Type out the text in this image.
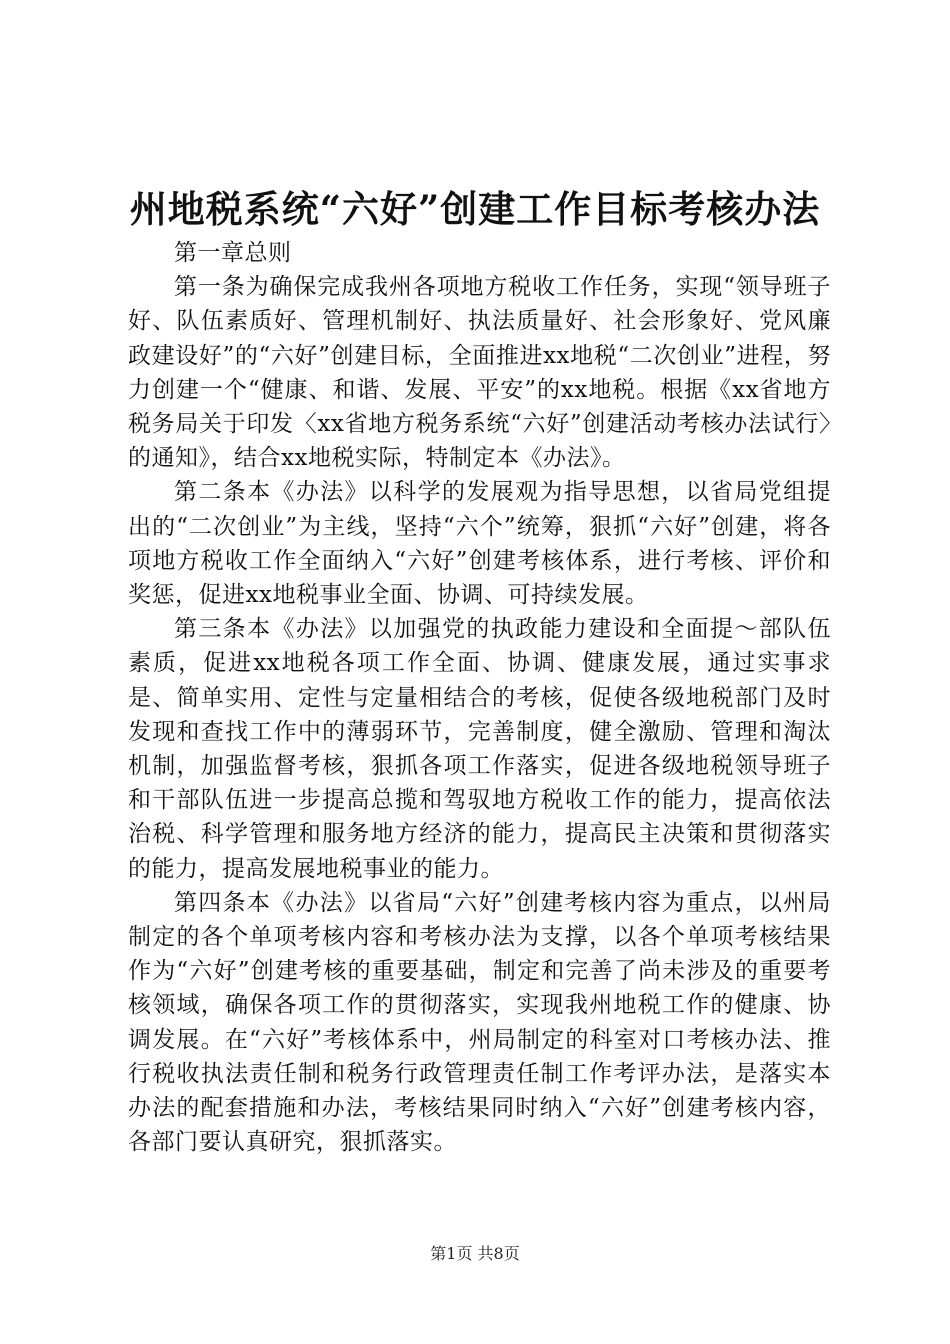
州地税系统“六好”创建工作目标考核办法

第一章总则

第一条为确保完成我州各项地方税收工作任务，实现“领导班子好、队伍素质好、管理机制好、执法质量好、社会形象好、党风廉政建设好”的“六好”创建目标，全面推进xx地税“二次创业”进程，努力创建一个“健康、和谐、发展、平安”的xx地税。根据《xx省地方税务局关于印发〈xx省地方税务系统“六好”创建活动考核办法试行〉的通知》，结合xx地税实际，特制定本《办法》。

第二条本《办法》以科学的发展观为指导思想，以省局党组提出的“二次创业”为主线，坚持“六个”统筹，狠抓“六好”创建，将各项地方税收工作全面纳入“六好”创建考核体系，进行考核、评价和奖惩，促进xx地税事业全面、协调、可持续发展。

第三条本《办法》以加强党的执政能力建设和全面提～部队伍素质，促进xx地税各项工作全面、协调、健康发展，通过实事求是、简单实用、定性与定量相结合的考核，促使各级地税部门及时发现和查找工作中的薄弱环节，完善制度，健全激励、管理和淘汰机制，加强监督考核，狠抓各项工作落实，促进各级地税领导班子和干部队伍进一步提高总揽和驾驭地方税收工作的能力，提高依法治税、科学管理和服务地方经济的能力，提高民主决策和贯彻落实的能力，提高发展地税事业的能力。

第四条本《办法》以省局“六好”创建考核内容为重点，以州局制定的各个单项考核内容和考核办法为支撑，以各个单项考核结果作为“六好”创建考核的重要基础，制定和完善了尚未涉及的重要考核领域，确保各项工作的贯彻落实，实现我州地税工作的健康、协调发展。在“六好”考核体系中，州局制定的科室对口考核办法、推行税收执法责任制和税务行政管理责任制工作考评办法，是落实本办法的配套措施和办法，考核结果同时纳入“六好”创建考核内容，各部门要认真研究，狠抓落实。

第1页 共8页
